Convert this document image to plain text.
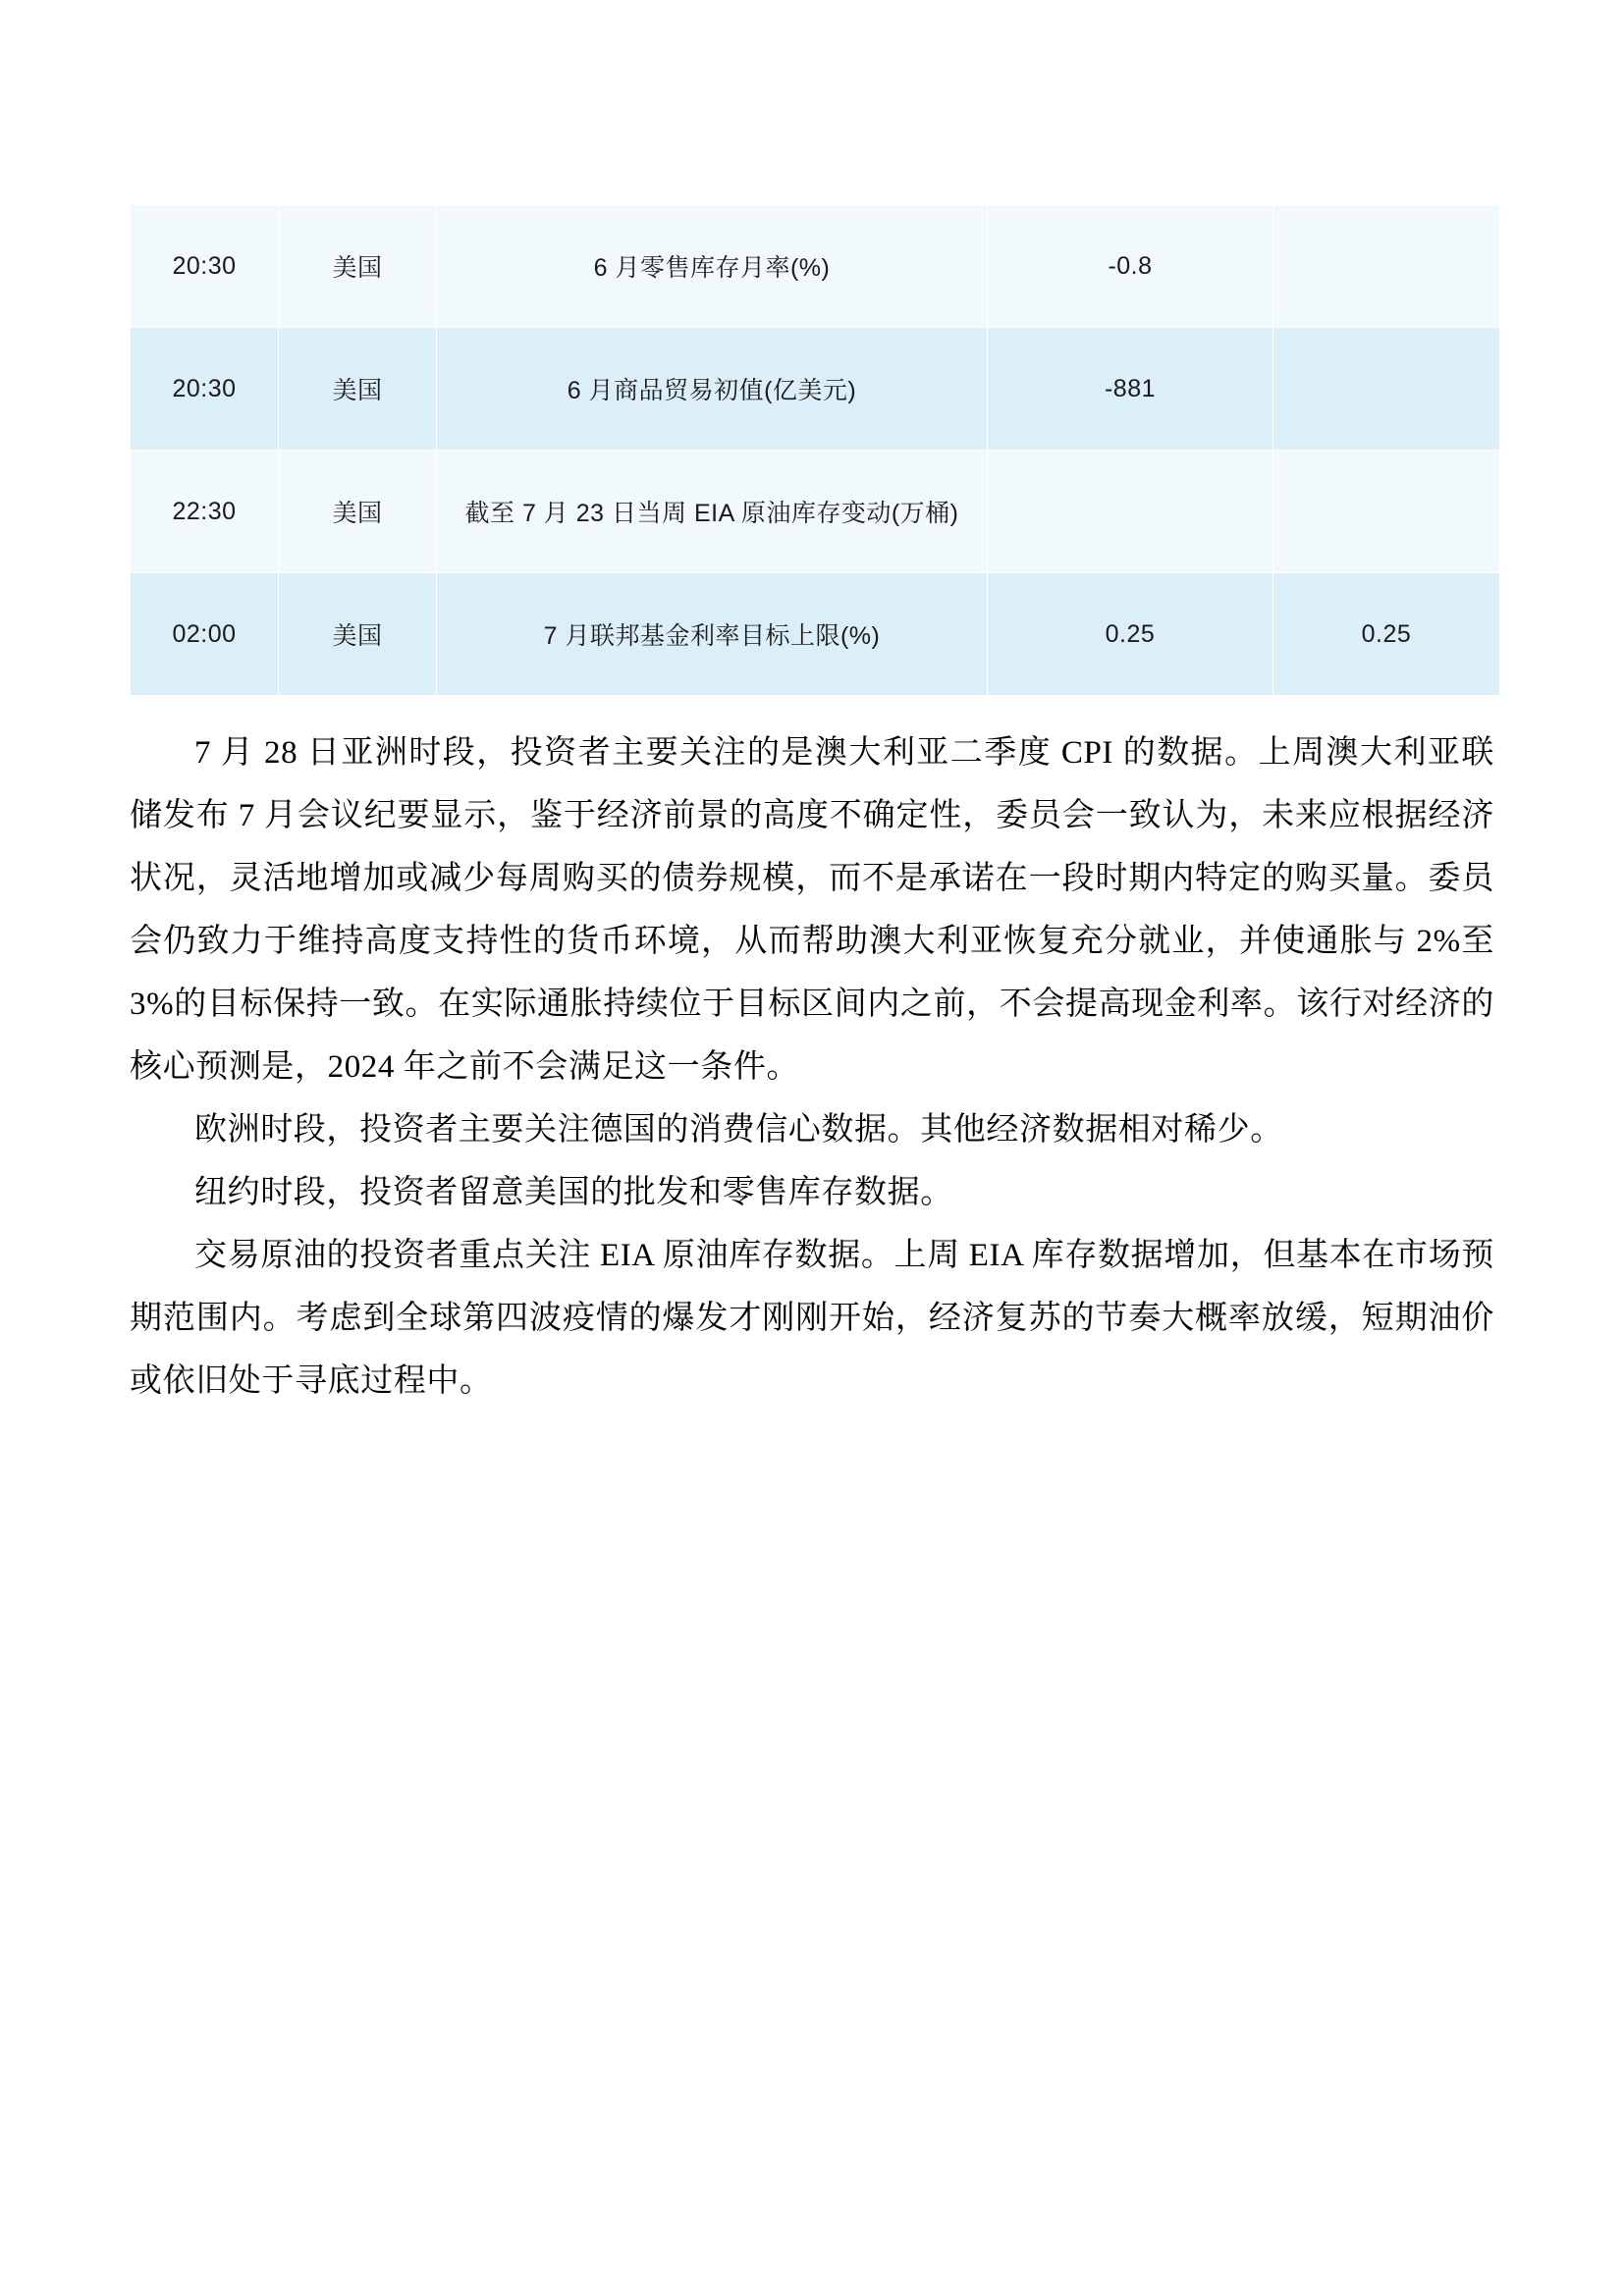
20:30	美国	6 月零售库存月率(%)	-0.8	
20:30	美国	6 月商品贸易初值(亿美元)	-881	
22:30	美国	截至 7 月 23 日当周 EIA 原油库存变动(万桶)		
02:00	美国	7 月联邦基金利率目标上限(%)	0.25	0.25

7 月 28 日亚洲时段，投资者主要关注的是澳大利亚二季度 CPI 的数据。上周澳大利亚联储发布 7 月会议纪要显示，鉴于经济前景的高度不确定性，委员会一致认为，未来应根据经济状况，灵活地增加或减少每周购买的债券规模，而不是承诺在一段时期内特定的购买量。委员会仍致力于维持高度支持性的货币环境，从而帮助澳大利亚恢复充分就业，并使通胀与 2%至 3%的目标保持一致。在实际通胀持续位于目标区间内之前，不会提高现金利率。该行对经济的核心预测是，2024 年之前不会满足这一条件。

欧洲时段，投资者主要关注德国的消费信心数据。其他经济数据相对稀少。

纽约时段，投资者留意美国的批发和零售库存数据。

交易原油的投资者重点关注 EIA 原油库存数据。上周 EIA 库存数据增加，但基本在市场预期范围内。考虑到全球第四波疫情的爆发才刚刚开始，经济复苏的节奏大概率放缓，短期油价或依旧处于寻底过程中。
